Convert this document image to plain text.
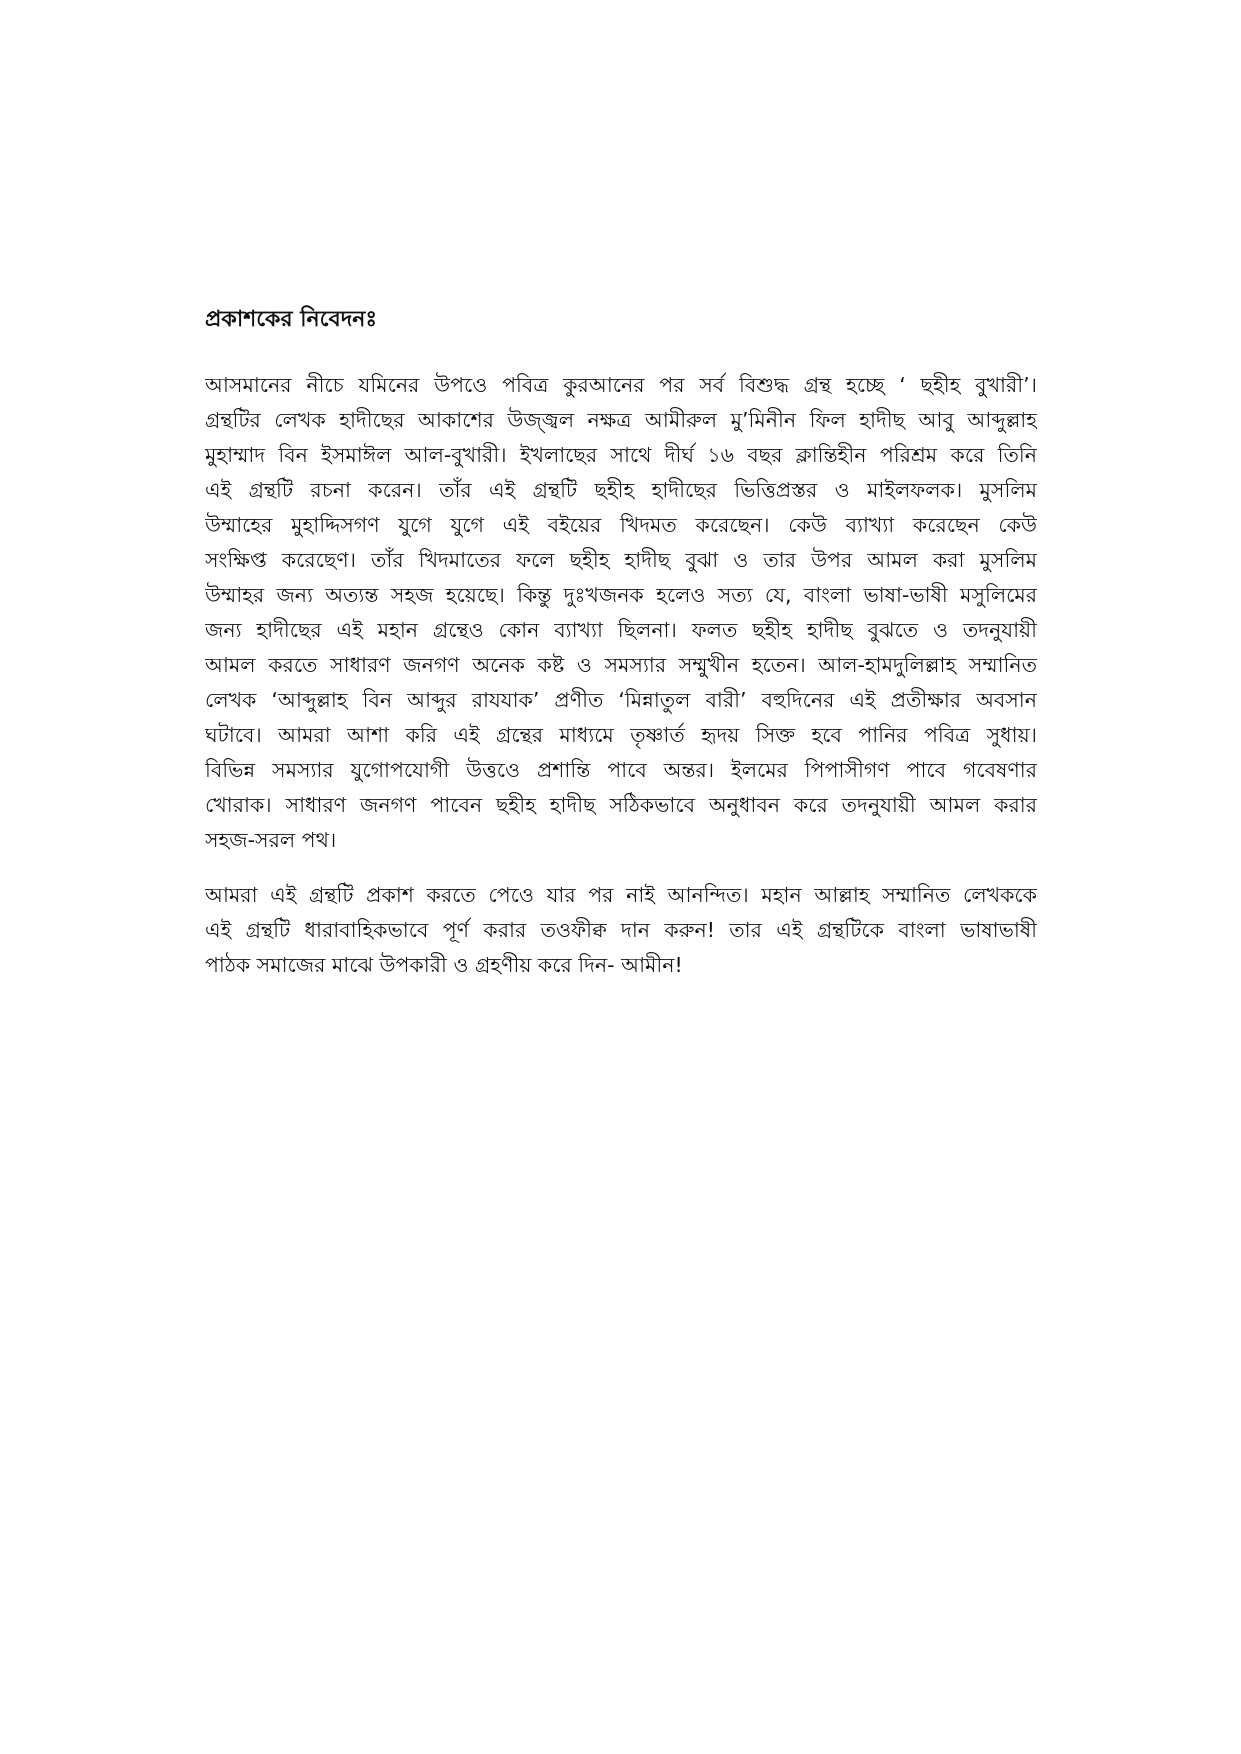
প্রকাশকের নিবেদনঃ
আসমানের নীচে যমিনের উপওে পবিত্র কুরআনের পর সর্ব বিশুদ্ধ গ্রন্থ হচ্ছে ‘ ছহীহ বুখারী’।
গ্রন্থটির লেখক হাদীছের আকাশের উজ্জ্বল নক্ষত্র আমীরুল মু’মিনীন ফিল হাদীছ আবু আব্দুল্লাহ
মুহাম্মাদ বিন ইসমাঈল আল-বুখারী। ইখলাছের সাথে দীর্ঘ ১৬ বছর ক্লান্তিহীন পরিশ্রম করে তিনি
এই গ্রন্থটি রচনা করেন। তাঁর এই গ্রন্থটি ছহীহ হাদীছের ভিত্তিপ্রস্তর ও মাইলফলক। মুসলিম
উম্মাহের মুহাদ্দিসগণ যুগে যুগে এই বইয়ের খিদমত করেছেন। কেউ ব্যাখ্যা করেছেন কেউ
সংক্ষিপ্ত করেছেণ। তাঁর খিদমাতের ফলে ছহীহ হাদীছ বুঝা ও তার উপর আমল করা মুসলিম
উম্মাহর জন্য অত্যন্ত সহজ হয়েছে। কিন্তু দুঃখজনক হলেও সত্য যে, বাংলা ভাষা-ভাষী মসুলিমের
জন্য হাদীছের এই মহান গ্রন্থেও কোন ব্যাখ্যা ছিলনা। ফলত ছহীহ হাদীছ বুঝতে ও তদনুযায়ী
আমল করতে সাধারণ জনগণ অনেক কষ্ট ও সমস্যার সম্মুখীন হতেন। আল-হামদুলিল্লাহ সম্মানিত
লেখক ‘আব্দুল্লাহ বিন আব্দুর রাযযাক’ প্রণীত ‘মিন্নাতুল বারী’ বহুদিনের এই প্রতীক্ষার অবসান
ঘটাবে। আমরা আশা করি এই গ্রন্থের মাধ্যমে তৃষ্ণার্ত হৃদয় সিক্ত হবে পানির পবিত্র সুধায়।
বিভিন্ন সমস্যার যুগোপযোগী উত্তওে প্রশান্তি পাবে অন্তর। ইলমের পিপাসীগণ পাবে গবেষণার
খোরাক। সাধারণ জনগণ পাবেন ছহীহ হাদীছ সঠিকভাবে অনুধাবন করে তদনুযায়ী আমল করার
সহজ-সরল পথ।
আমরা এই গ্রন্থটি প্রকাশ করতে পেওে যার পর নাই আনন্দিত। মহান আল্লাহ সম্মানিত লেখককে
এই গ্রন্থটি ধারাবাহিকভাবে পূর্ণ করার তওফীক্ব দান করুন! তার এই গ্রন্থটিকে বাংলা ভাষাভাষী
পাঠক সমাজের মাঝে উপকারী ও গ্রহণীয় করে দিন- আমীন!
